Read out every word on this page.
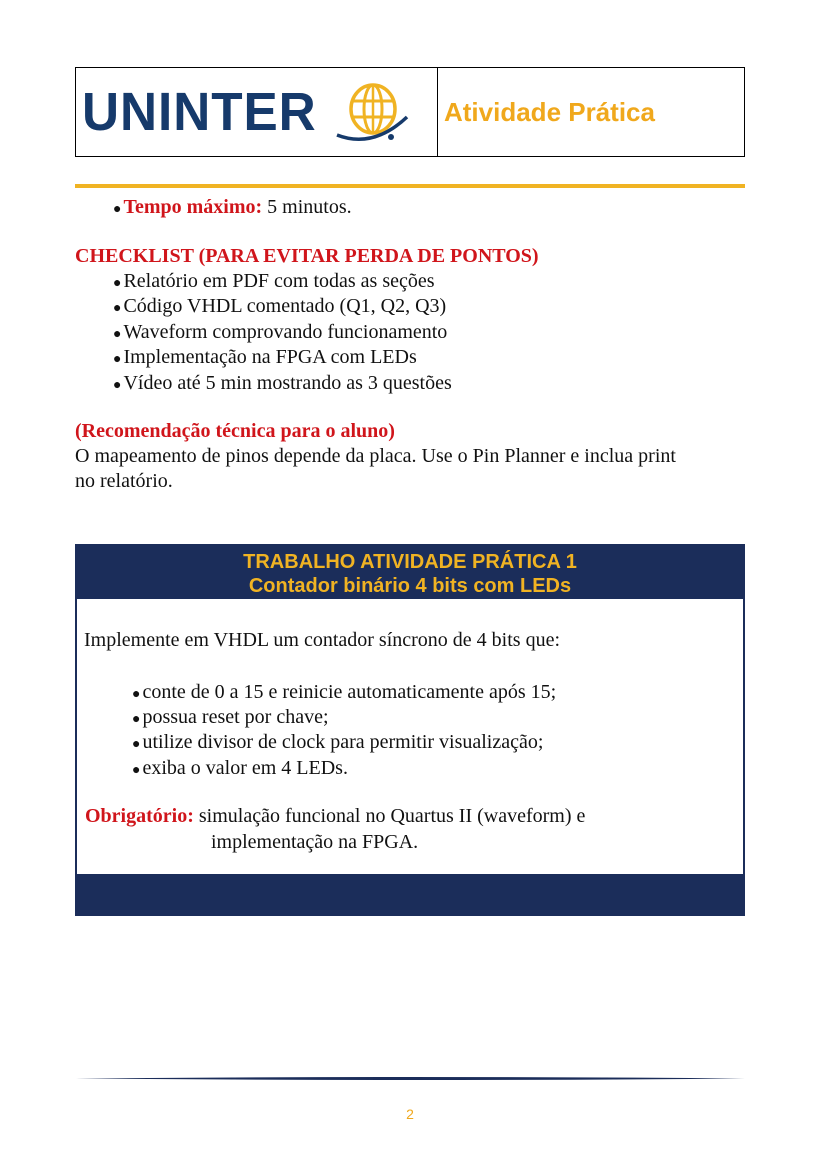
UNINTER	Atividade Prática
● Tempo máximo: 5 minutos.
CHECKLIST (PARA EVITAR PERDA DE PONTOS)
● Relatório em PDF com todas as seções
● Código VHDL comentado (Q1, Q2, Q3)
● Waveform comprovando funcionamento
● Implementação na FPGA com LEDs
● Vídeo até 5 min mostrando as 3 questões
(Recomendação técnica para o aluno)
O mapeamento de pinos depende da placa. Use o Pin Planner e inclua print
no relatório.
TRABALHO ATIVIDADE PRÁTICA 1
Contador binário 4 bits com LEDs
Implemente em VHDL um contador síncrono de 4 bits que:
● conte de 0 a 15 e reinicie automaticamente após 15;
● possua reset por chave;
● utilize divisor de clock para permitir visualização;
● exiba o valor em 4 LEDs.
Obrigatório: simulação funcional no Quartus II (waveform) e
implementação na FPGA.
2
